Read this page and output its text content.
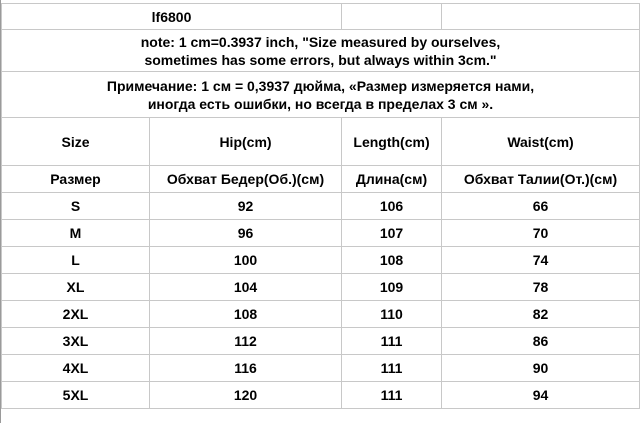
lf6800			

note: 1 cm=0.3937 inch, "Size measured by ourselves,
sometimes has some errors, but always within 3cm."			

Примечание: 1 см = 0,3937 дюйма, «Размер измеряется нами,
иногда есть ошибки, но всегда в пределах 3 см ».			

Size	Hip(cm)	Length(cm)	Waist(cm)
Размер	Обхват Бедер(Об.)(см)	Длина(см)	Обхват Талии(От.)(см)
S	92	106	66
M	96	107	70
L	100	108	74
XL	104	109	78
2XL	108	110	82
3XL	112	111	86
4XL	116	111	90
5XL	120	111	94
